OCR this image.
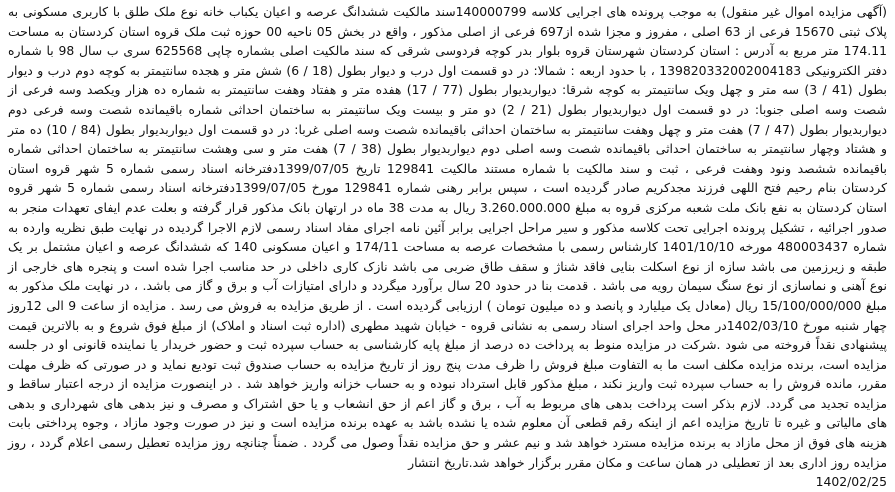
(آگهی مزایده اموال غیر منقول) به موجب پرونده های اجرایی کلاسه 140000799سند مالکیت ششدانگ عرصه و اعیان یکباب خانه نوع ملک طلق با کاربری مسکونی به پلاک ثبتی 15670 فرعی از 63 اصلی ، مفروز و مجزا شده از697 فرعی از اصلی مذکور ، واقع در بخش 05 ناحیه 00 حوزه ثبت ملک قروه استان کردستان به مساحت 174.11 متر مربع به آدرس : استان کردستان شهرستان قروه بلوار بدر کوچه فردوسی شرقی که سند مالکیت اصلی بشماره چاپی 625568 سری ب سال 98 با شماره دفتر الکترونیکی 139820332002004183 ، با حدود اربعه : شمالا: در دو قسمت اول درب و دیوار بطول (18 / 6) شش متر و هجده سانتیمتر به کوچه دوم درب و دیوار بطول (41 / 3) سه متر و چهل ویک سانتیمتر به کوچه شرقا: دیواربدیوار بطول (77 / 17) هفده متر و هفتاد وهفت سانتیمتر به شماره ده هزار ویکصد وسه فرعی از شصت وسه اصلی جنوبا: در دو قسمت اول دیواربدیوار بطول (21 / 2) دو متر و بیست ویک سانتیمتر به ساختمان احداثی شماره باقیمانده شصت وسه فرعی دوم دیواربدیوار بطول (47 / 7) هفت متر و چهل وهفت سانتیمتر به ساختمان احداثی باقیمانده شصت وسه اصلی غربا: در دو قسمت اول دیواربدیوار بطول (84 / 10) ده متر و هشتاد وچهار سانتیمتر به ساختمان احداثی باقیمانده شصت وسه اصلی دوم دیواربدیوار بطول (38 / 7) هفت متر و سی وهشت سانتیمتر به ساختمان احداثی شماره باقیمانده ششصد ونود وهفت فرعی ، ثبت و سند مالکیت با شماره مستند مالکیت 129841 تاریخ 1399/07/05دفترخانه اسناد رسمی شماره 5 شهر قروه استان کردستان بنام رحیم فتح اللهی فرزند مجدکریم صادر گردیده است ، سپس برابر رهنی شماره 129841 مورخ 1399/07/05دفترخانه اسناد رسمی شماره 5 شهر قروه استان کردستان به نفع بانک ملت شعبه مرکزی قروه به مبلغ 3.260.000.000 ریال به مدت 38 ماه در ارتهان بانک مذکور قرار گرفته و بعلت عدم ایفای تعهدات منجر به صدور اجرائیه ، تشکیل پرونده اجرایی تحت کلاسه مذکور و سیر مراحل اجرایی برابر آئین نامه اجرای مفاد اسناد رسمی لازم الاجرا گردیده در نهایت طبق نظریه وارده به شماره 480003437 مورخه 1401/10/10 کارشناس رسمی با مشخصات عرصه به مساحت 174/11 و اعیان مسکونی 140 که ششدانگ عرصه و اعیان مشتمل بر یک طبقه و زیرزمین می باشد سازه از نوع اسکلت بنایی فاقد شناژ و سقف طاق ضربی می باشد نازک کاری داخلی در حد مناسب اجرا شده است و پنجره های خارجی از نوع آهنی و نماسازی از نوع سنگ سیمان رویه می باشد . قدمت بنا در حدود 20 سال برآورد میگردد و دارای امتیازات آب و برق و گاز می باشد. ، در نهایت ملک مذکور به مبلغ 15/100/000/000 ریال (معادل یک میلیارد و پانصد و ده میلیون تومان ) ارزیابی گردیده است . از طریق مزایده به فروش می رسد . مزایده از ساعت 9 الی 12روز چهار شنبه مورخ 1402/03/10در محل واحد اجرای اسناد رسمی به نشانی قروه - خیابان شهید مطهری (اداره ثبت اسناد و املاک) از مبلغ فوق شروع و به بالاترین قیمت پیشنهادی نقداً فروخته می شود .شرکت در مزایده منوط به پرداخت ده درصد از مبلغ پایه کارشناسی به حساب سپرده ثبت و حضور خریدار یا نماینده قانونی او در جلسه مزایده است، برنده مزایده مکلف است ما به التفاوت مبلغ فروش را ظرف مدت پنج روز از تاریخ مزایده به حساب صندوق ثبت تودیع نماید و در صورتی که ظرف مهلت مقرر، مانده فروش را به حساب سپرده ثبت واریز نکند ، مبلغ مذکور قابل استرداد نبوده و به حساب خزانه واریز خواهد شد . در اینصورت مزایده از درجه اعتبار ساقط و مزایده تجدید می گردد. لازم بذکر است پرداخت بدهی های مربوط به آب ، برق و گاز اعم از حق انشعاب و یا حق اشتراک و مصرف و نیز بدهی های شهرداری و بدهی های مالیاتی و غیره تا تاریخ مزایده اعم از اینکه رقم قطعی آن معلوم شده یا نشده باشد به عهده برنده مزایده است و نیز در صورت وجود مازاد ، وجوه پرداختی بابت هزینه های فوق از محل مازاد به برنده مزایده مسترد خواهد شد و نیم عشر و حق مزایده نقداً وصول می گردد . ضمناً چنانچه روز مزایده تعطیل رسمی اعلام گردد ، روز مزایده روز اداری بعد از تعطیلی در همان ساعت و مکان مقرر برگزار خواهد شد.تاریخ انتشار

1402/02/25
